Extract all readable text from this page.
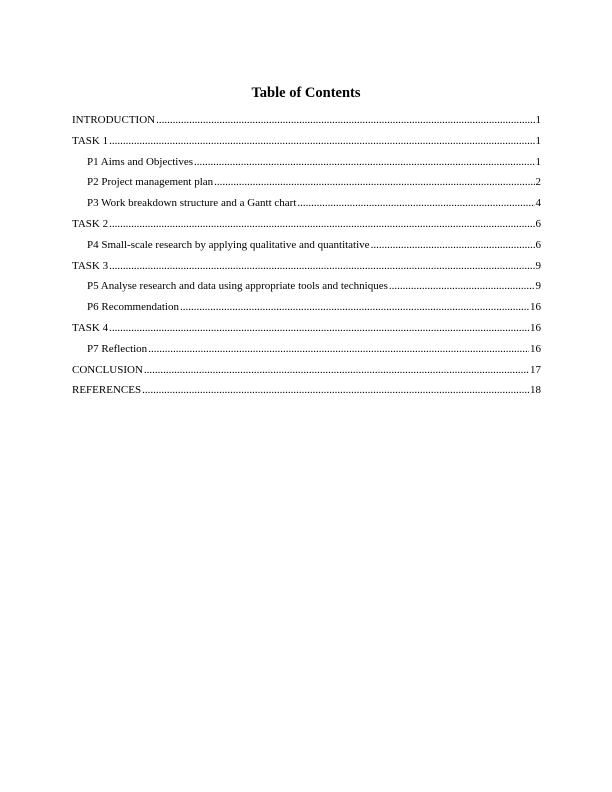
Table of Contents
INTRODUCTION .....	1
TASK 1 .....	1
P1 Aims and Objectives .....	1
P2 Project management plan .....	2
P3 Work breakdown structure and a Gantt chart .....	4
TASK 2 .....	6
P4 Small-scale research by applying qualitative and quantitative .....	6
TASK 3 .....	9
P5 Analyse research and data using appropriate tools and techniques .....	9
P6 Recommendation .....	16
TASK 4 .....	16
P7 Reflection .....	16
CONCLUSION .....	17
REFERENCES .....	18
